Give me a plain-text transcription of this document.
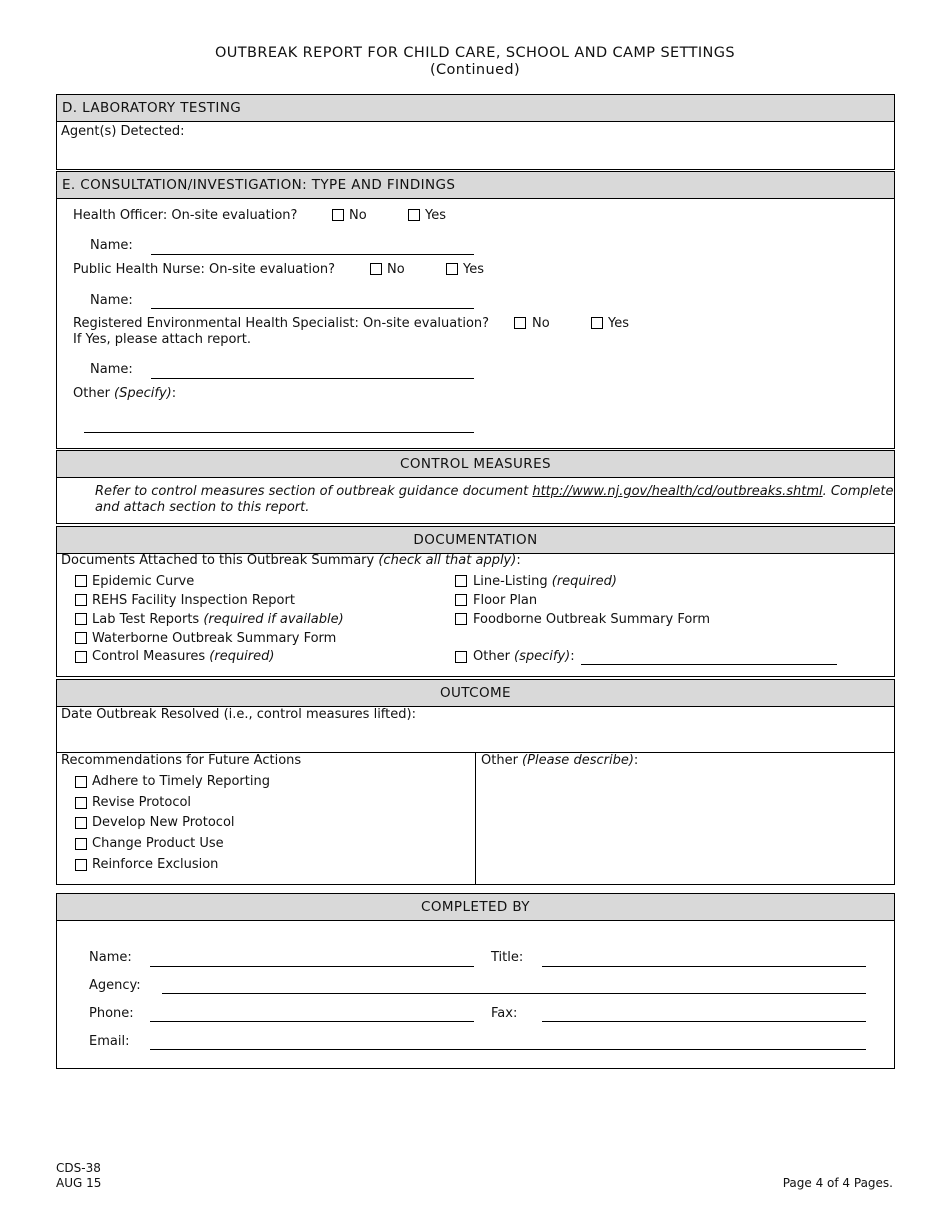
OUTBREAK REPORT FOR CHILD CARE, SCHOOL AND CAMP SETTINGS
(Continued)
D. LABORATORY TESTING
Agent(s) Detected:
E. CONSULTATION/INVESTIGATION: TYPE AND FINDINGS
Health Officer: On-site evaluation?	No	Yes
Name:
Public Health Nurse: On-site evaluation?	No	Yes
Name:
Registered Environmental Health Specialist: On-site evaluation?
If Yes, please attach report.
No	Yes
Name:
Other (Specify):
CONTROL MEASURES
Refer to control measures section of outbreak guidance document http://www.nj.gov/health/cd/outbreaks.shtml. Complete
and attach section to this report.
DOCUMENTATION
Documents Attached to this Outbreak Summary (check all that apply):
Epidemic Curve
REHS Facility Inspection Report
Lab Test Reports (required if available)
Waterborne Outbreak Summary Form
Control Measures (required)
Line-Listing (required)
Floor Plan
Foodborne Outbreak Summary Form
Other (specify):
OUTCOME
Date Outbreak Resolved (i.e., control measures lifted):
Recommendations for Future Actions
Adhere to Timely Reporting
Revise Protocol
Develop New Protocol
Change Product Use
Reinforce Exclusion
Other (Please describe):
COMPLETED BY
Name:	Title:
Agency:
Phone:	Fax:
Email:
CDS-38
AUG 15	Page 4 of 4 Pages.
